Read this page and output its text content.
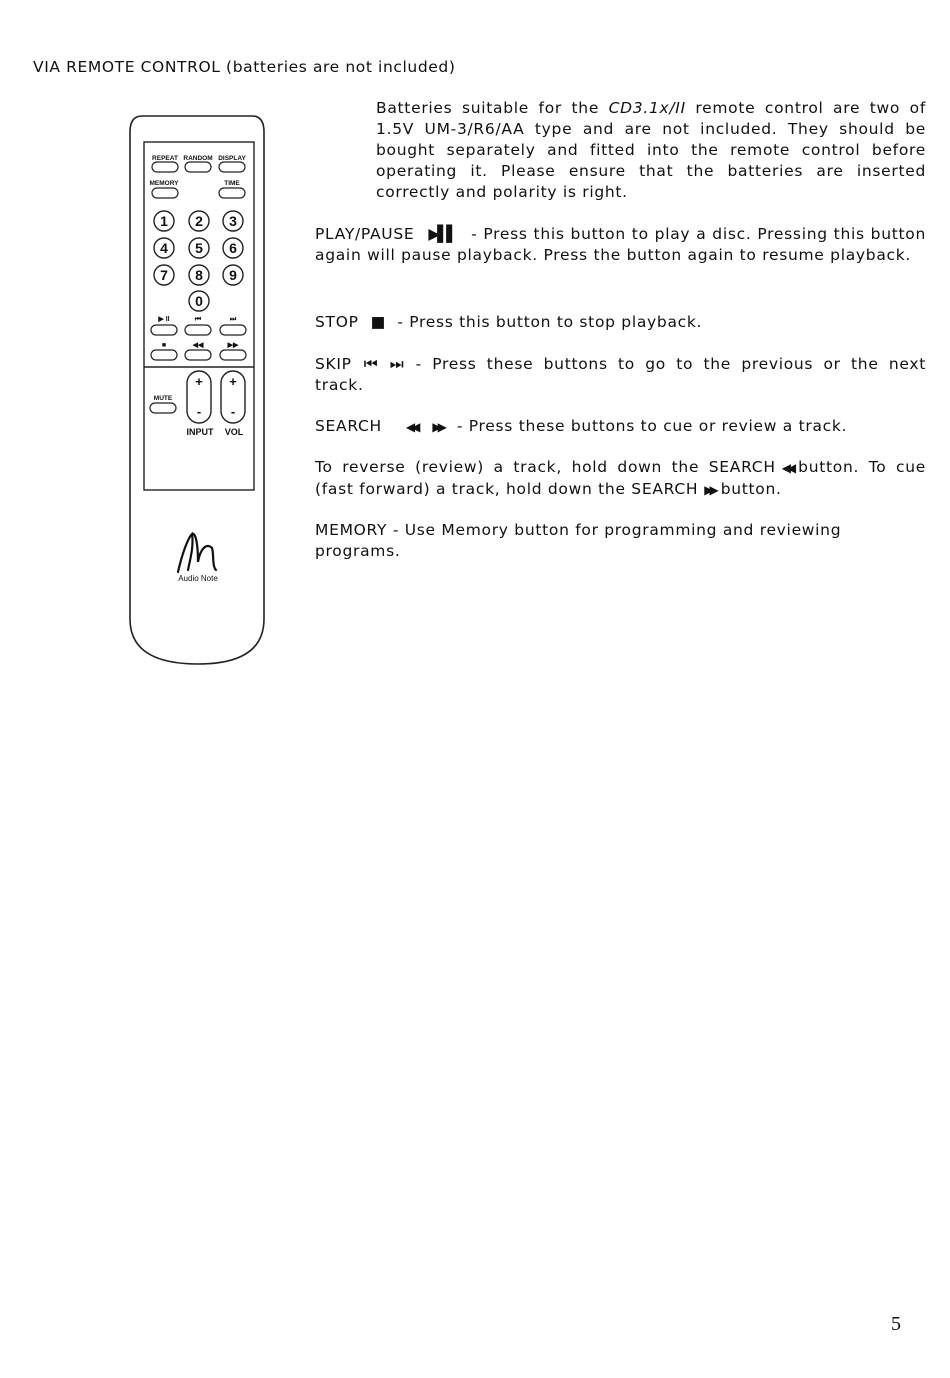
VIA REMOTE CONTROL (batteries are not included)
REPEAT RANDOM DISPLAY
MEMORY	TIME
1 2 3
4 5 6
7 8 9
0
▶ II	⏮	⏭
■	◀◀	▶▶
MUTE
+
-
+
-
INPUT VOL
Audio Note

Batteries suitable for the CD3.1x/II remote control are two of 1.5V UM-3/R6/AA type and are not included. They should be bought separately and fitted into the remote control before operating it. Please ensure that the batteries are inserted correctly and polarity is right.

PLAY/PAUSE ▶▌▌ - Press this button to play a disc. Pressing this button again will pause playback. Press the button again to resume playback.

STOP ■ - Press this button to stop playback.

SKIP ⏮ ⏭ - Press these buttons to go to the previous or the next track.

SEARCH ◀◀ ▶▶ - Press these buttons to cue or review a track.

To reverse (review) a track, hold down the SEARCH ◀◀ button. To cue (fast forward) a track, hold down the SEARCH ▶▶ button.

MEMORY - Use Memory button for programming and reviewing programs.

5
